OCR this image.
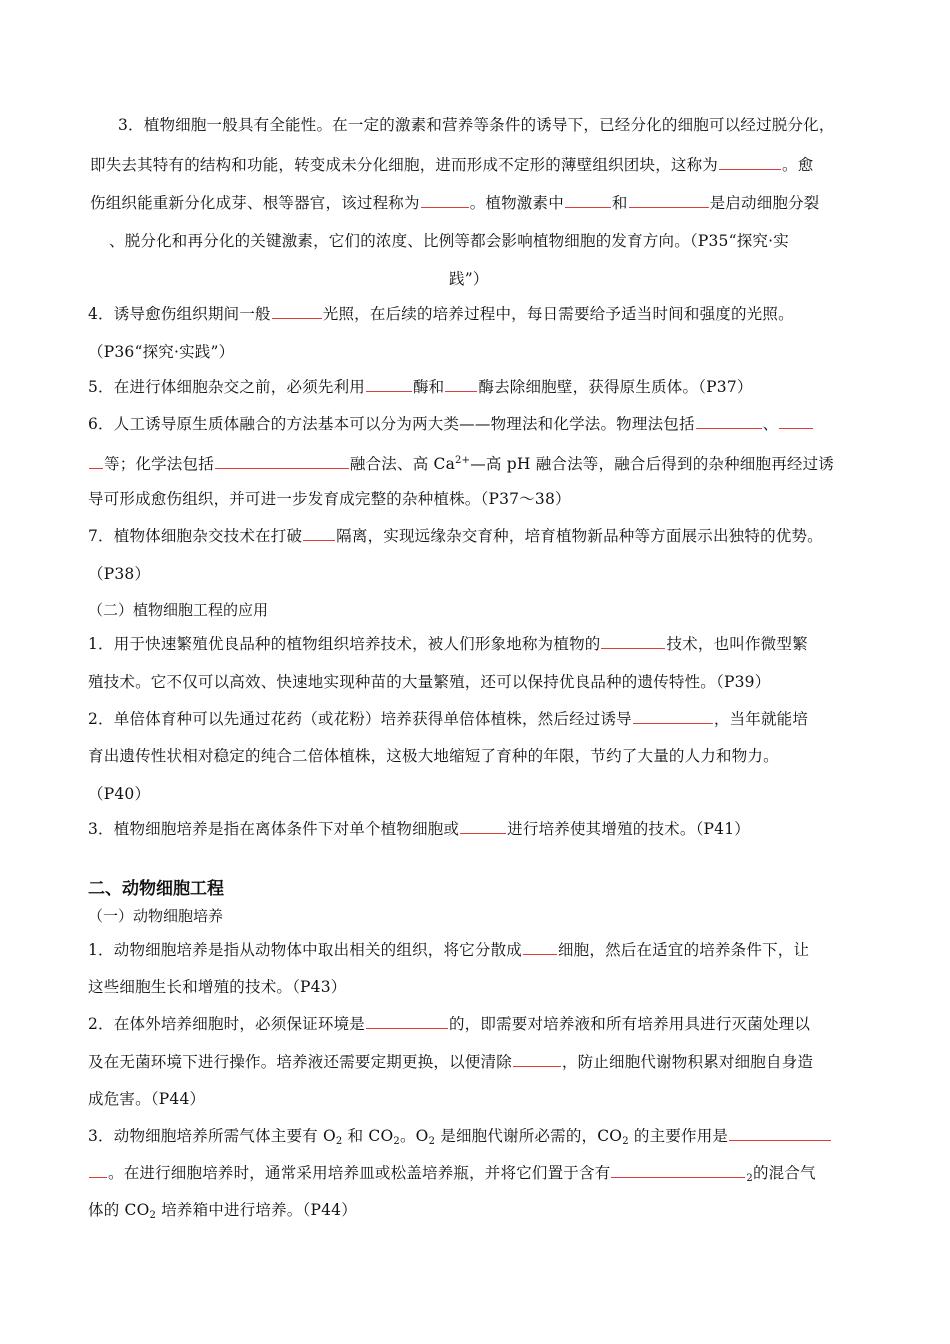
3．植物细胞一般具有全能性。在一定的激素和营养等条件的诱导下，已经分化的细胞可以经过脱分化，
即失去其特有的结构和功能，转变成未分化细胞，进而形成不定形的薄壁组织团块，这称为	。愈
伤组织能重新分化成芽、根等器官，该过程称为	。植物激素中	和	是启动细胞分裂
、脱分化和再分化的关键激素，它们的浓度、比例等都会影响植物细胞的发育方向。（P35“探究·实
践”）
4．诱导愈伤组织期间一般	光照，在后续的培养过程中，每日需要给予适当时间和强度的光照。
（P36“探究·实践”）
5．在进行体细胞杂交之前，必须先利用	酶和 酶去除细胞壁，获得原生质体。（P37）
6．人工诱导原生质体融合的方法基本可以分为两大类——物理法和化学法。物理法包括	、
等；化学法包括	融合法、高 $Ca^{2+}—$高 pH 融合法等，融合后得到的杂种细胞再经过诱
导可形成愈伤组织，并可进一步发育成完整的杂种植株。（P37～38）
7．植物体细胞杂交技术在打破 隔离，实现远缘杂交育种，培育植物新品种等方面展示出独特的优势。
（P38）
（二）植物细胞工程的应用
1．用于快速繁殖优良品种的植物组织培养技术，被人们形象地称为植物的	技术，也叫作微型繁
殖技术。它不仅可以高效、快速地实现种苗的大量繁殖，还可以保持优良品种的遗传特性。（P39）
2．单倍体育种可以先通过花药（或花粉）培养获得单倍体植株，然后经过诱导	，当年就能培
育出遗传性状相对稳定的纯合二倍体植株，这极大地缩短了育种的年限，节约了大量的人力和物力。
（P40）
3．植物细胞培养是指在离体条件下对单个植物细胞或	进行培养使其增殖的技术。（P41）
二、动物细胞工程
（一）动物细胞培养
1．动物细胞培养是指从动物体中取出相关的组织，将它分散成 细胞，然后在适宜的培养条件下，让
这些细胞生长和增殖的技术。（P43）
2．在体外培养细胞时，必须保证环境是	的，即需要对培养液和所有培养用具进行灭菌处理以
及在无菌环境下进行操作。培养液还需要定期更换，以便清除	，防止细胞代谢物积累对细胞自身造
成危害。（P44）
3．动物细胞培养所需气体主要有 $O_2$ 和 $CO_2$。$O_2$ 是细胞代谢所必需的，$CO_2$ 的主要作用是
。在进行细胞培养时，通常采用培养皿或松盖培养瓶，并将它们置于含有	$_2$的混合气
体的 $CO_2$ 培养箱中进行培养。（P44）
